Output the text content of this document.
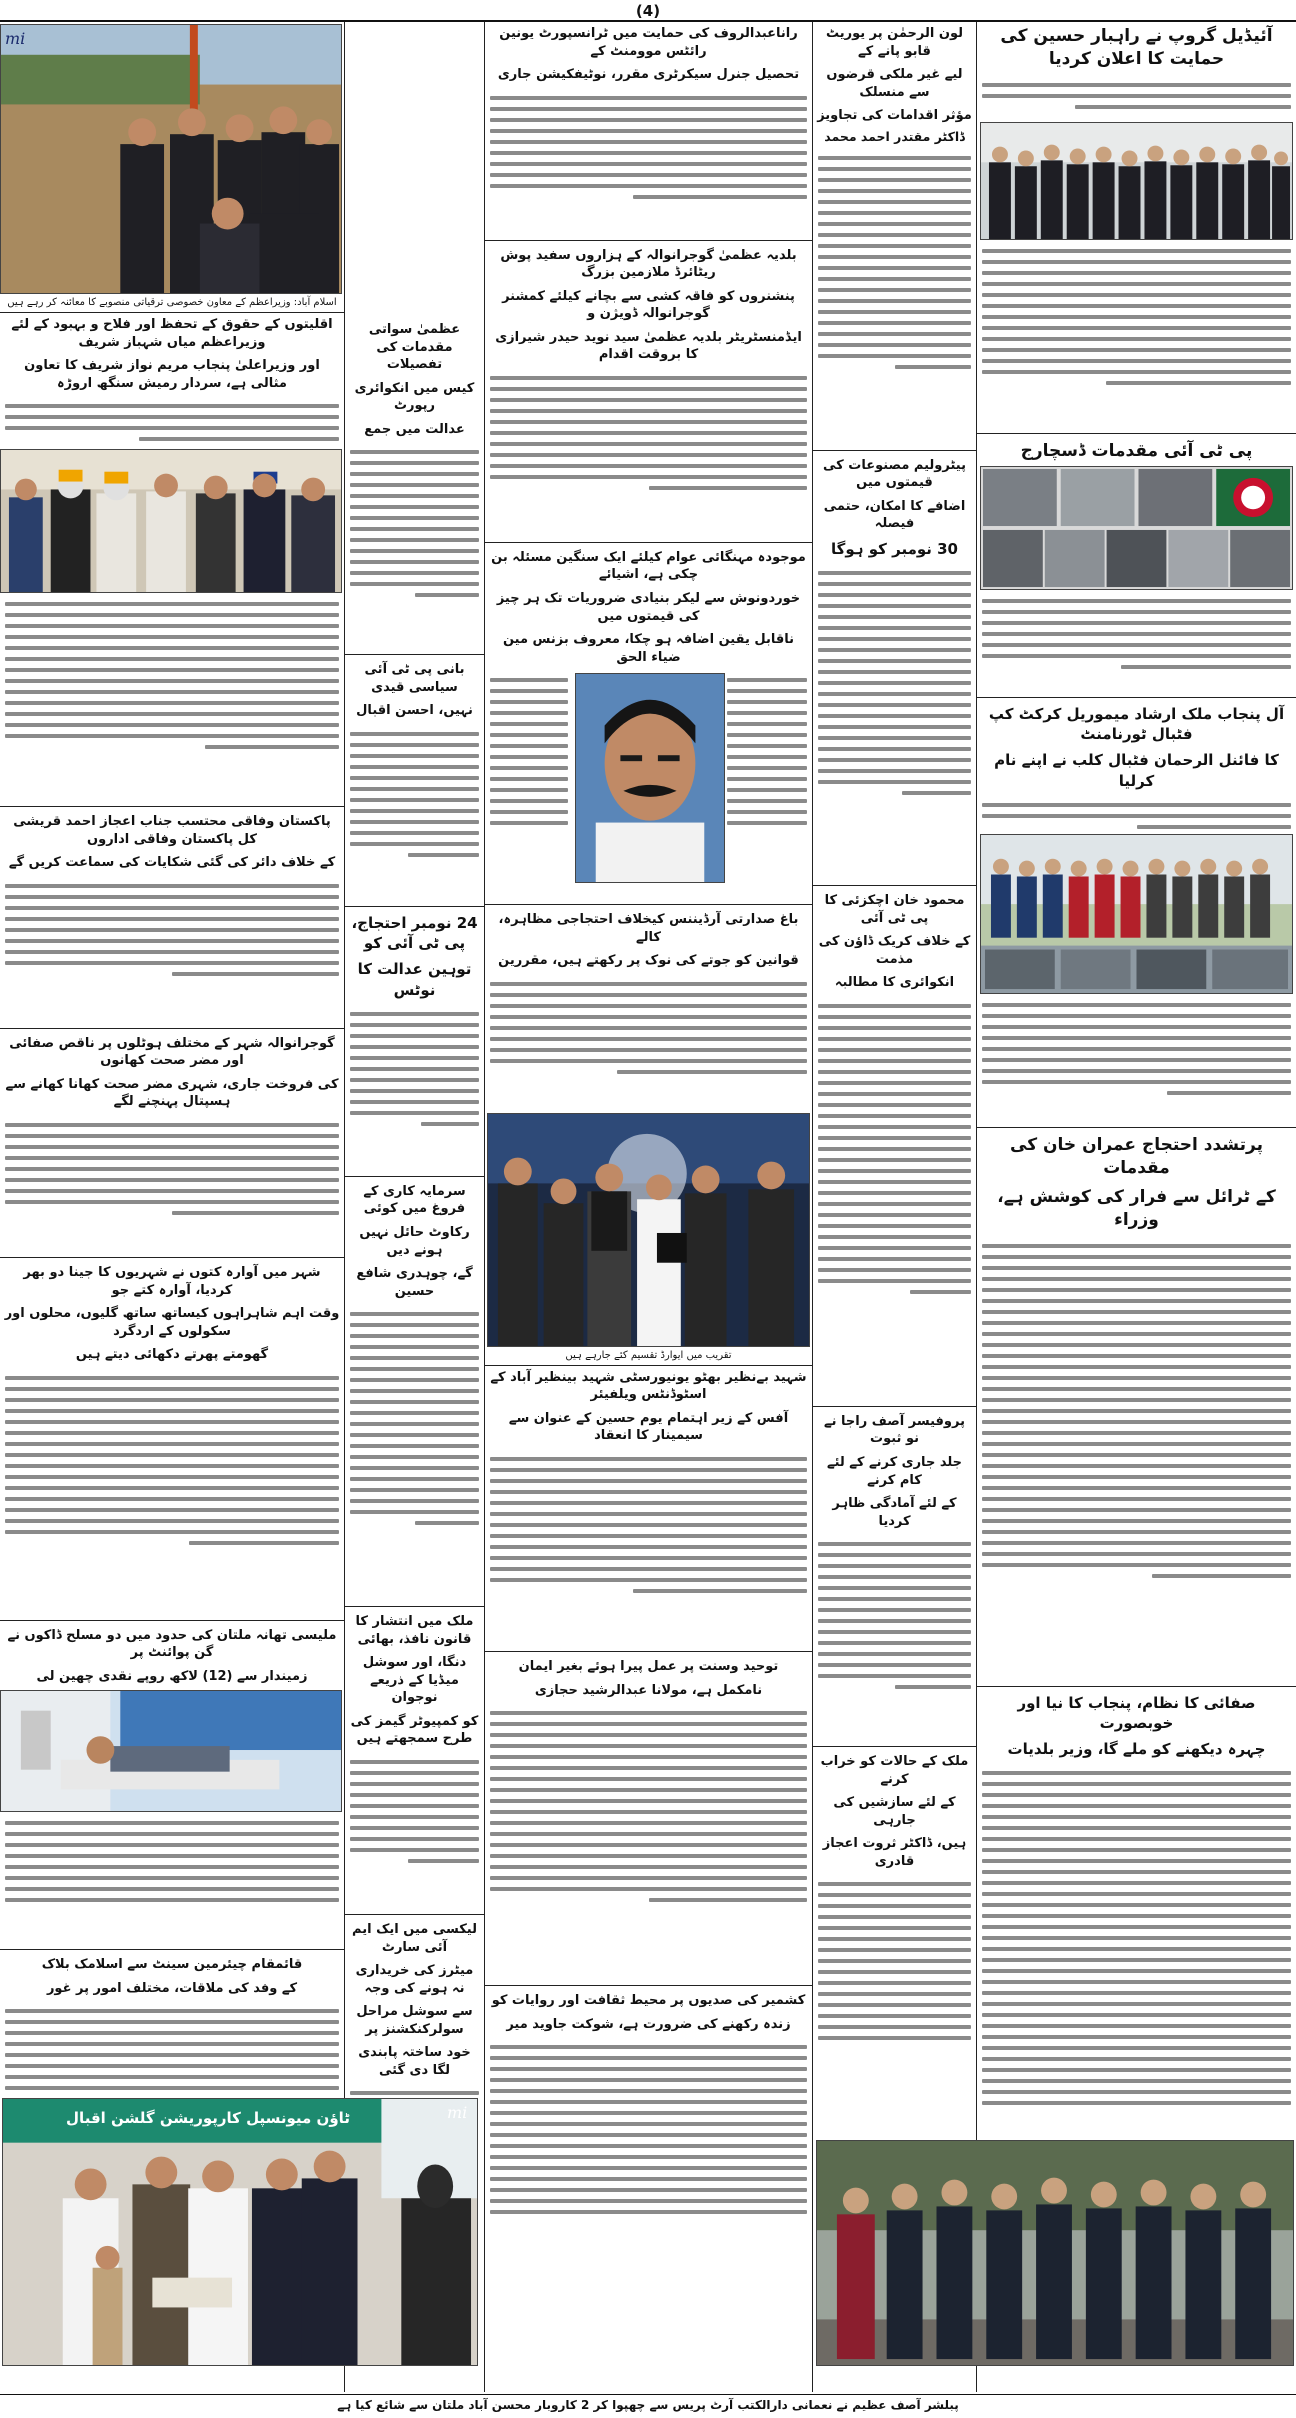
(4)
آئیڈیل گروپ نے راہبار حسین کی حمایت کا اعلان کردیا
پی ٹی آئی مقدمات ڈسچارج
آل پنجاب ملک ارشاد میموریل کرکٹ کپ فٹبال ٹورنامنٹ
کا فائنل الرحمان فٹبال کلب نے اپنے نام کرلیا
پرتشدد احتجاج عمران خان کی مقدمات
کے ٹرائل سے فرار کی کوشش ہے، وزراء
صفائی کا نظام، پنجاب کا نیا اور خوبصورت
چہرہ دیکھنے کو ملے گا، وزیر بلدیات
لون الرحمٰن پر یوریٹ قابو پانے کے
لیے غیر ملکی قرضوں سے منسلک
مؤثر اقدامات کی تجاویز
ڈاکٹر مقتدر احمد محمد
پیٹرولیم مصنوعات کی قیمتوں میں
اضافے کا امکان، حتمی فیصلہ
30 نومبر کو ہوگا
محمود خان اچکزئی کا پی ٹی آئی
کے خلاف کریک ڈاؤن کی مذمت
انکوائری کا مطالبہ
پروفیسر آصف راجا نے نو ثبوت
جلد جاری کرنے کے لئے کام کرنے
کے لئے آمادگی ظاہر کردیا
ملک کے حالات کو خراب کرنے
کے لئے سازشیں کی جارہی
ہیں، ڈاکٹر ثروت اعجاز قادری
راناعبدالروف کی حمایت میں ٹرانسپورٹ یونین رائٹس موومنٹ کے
تحصیل جنرل سیکرٹری مقرر، نوٹیفکیشن جاری
بلدیہ عظمیٰ گوجرانوالہ کے ہزاروں سفید پوش ریٹائرڈ ملازمین بزرگ
پنشنروں کو فاقہ کشی سے بچانے کیلئے کمشنر گوجرانوالہ ڈویژن و
ایڈمنسٹریٹر بلدیہ عظمیٰ سید نوید حیدر شیرازی کا بروقت اقدام
موجودہ مہنگائی عوام کیلئے ایک سنگین مسئلہ بن چکی ہے، اشیائے
خوردونوش سے لیکر بنیادی ضروریات تک ہر چیز کی قیمتوں میں
ناقابل یقین اضافہ ہو چکا، معروف بزنس مین ضیاء الحق
باغ صدارتی آرڈیننس کیخلاف احتجاجی مظاہرہ، کالے
قوانین کو جوتے کی نوک پر رکھتے ہیں، مقررین
تقریب میں ایوارڈ تقسیم کئے جارہے ہیں
شہید بےنظیر بھٹو یونیورسٹی شہید بینظیر آباد کے اسٹوڈنٹس ویلفیئر
آفس کے زیر اہتمام یوم حسین کے عنوان سے سیمینار کا انعقاد
توحید وسنت پر عمل پیرا ہوئے بغیر ایمان
نامکمل ہے، مولانا عبدالرشید حجازی
کشمیر کی صدیوں پر محیط ثقافت اور روایات کو
زندہ رکھنے کی ضرورت ہے، شوکت جاوید میر
عظمیٰ سواتی مقدمات کی تفصیلات
کیس میں انکوائری رپورٹ
عدالت میں جمع
بانی پی ٹی آئی سیاسی قیدی
نہیں، احسن اقبال
24 نومبر احتجاج، پی ٹی آئی کو
توہین عدالت کا نوٹس
سرمایہ کاری کے فروغ میں کوئی
رکاوٹ حائل نہیں ہونے دیں
گے، چوہدری شافع حسین
ملک میں انتشار کا قانون نافذ، بھائی
دنگا، اور سوشل میڈیا کے ذریعے نوجوان
کو کمپیوٹر گیمز کی طرح سمجھتے ہیں
لیکسی میں ایک ایم آئی سارٹ
میٹرز کی خریداری نہ ہونے کی وجہ
سے سوشل مراحل سولرکنکشنز پر
خود ساختہ پابندی لگا دی گئی
mi
اسلام آباد: وزیراعظم کے معاون خصوصی ترقیاتی منصوبے کا معائنہ کر رہے ہیں
اقلیتوں کے حقوق کے تحفظ اور فلاح و بہبود کے لئے وزیراعظم میاں شہباز شریف
اور وزیراعلیٰ پنجاب مریم نواز شریف کا تعاون مثالی ہے، سردار رمیش سنگھ اروڑہ
پاکستان وفاقی محتسب جناب اعجاز احمد قریشی کل پاکستان وفاقی اداروں
کے خلاف دائر کی گئی شکایات کی سماعت کریں گے
گوجرانوالہ شہر کے مختلف ہوٹلوں پر ناقص صفائی اور مضر صحت کھانوں
کی فروخت جاری، شہری مضر صحت کھانا کھانے سے ہسپتال پہنچنے لگے
شہر میں آوارہ کتوں نے شہریوں کا جینا دو بھر کردیا، آوارہ کتے جو
وقت اہم شاہراہوں کیساتھ ساتھ گلیوں، محلوں اور سکولوں کے اردگرد
گھومتے پھرتے دکھائی دیتے ہیں
ملیسی تھانہ ملتان کی حدود میں دو مسلح ڈاکوں نے گن پوائنٹ پر
زمیندار سے (12) لاکھ روپے نقدی چھین لی
قائمقام چیئرمین سینٹ سے اسلامک بلاک
کے وفد کی ملاقات، مختلف امور پر غور
ٹاؤن میونسپل کارپوریشن گلشن اقبال	mi
پبلشر آصف عظیم نے نعمانی دارالکتب آرٹ پریس سے چھپوا کر 2 کاروبار محسن آباد ملتان سے شائع کیا ہے
